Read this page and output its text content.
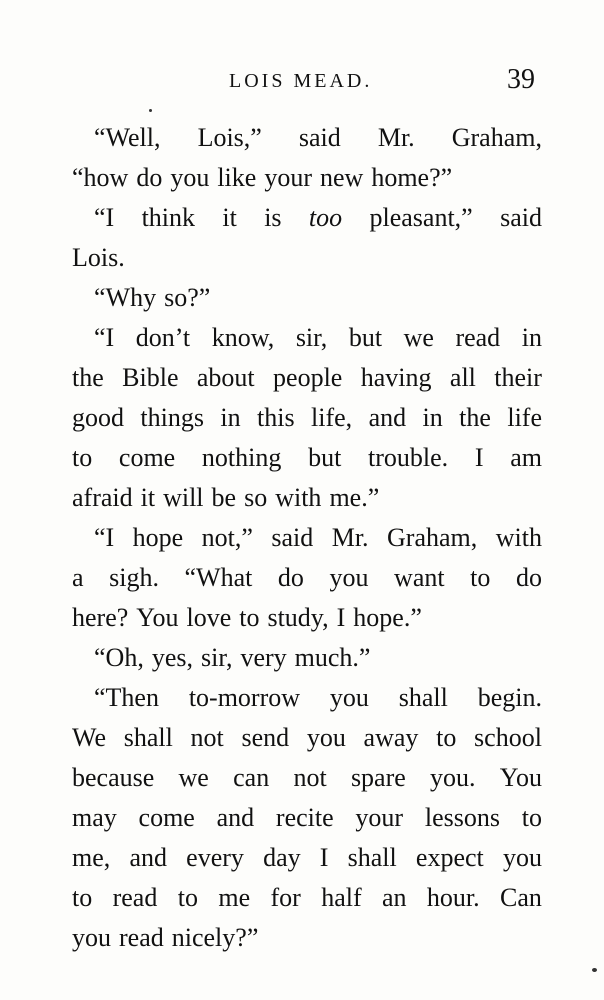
LOIS MEAD.	39
“Well, Lois,” said Mr. Graham,
“how do you like your new home?”
“I think it is too pleasant,” said
Lois.
“Why so?”
“I don’t know, sir, but we read in
the Bible about people having all their
good things in this life, and in the life
to come nothing but trouble. I am
afraid it will be so with me.”
“I hope not,” said Mr. Graham, with
a sigh. “What do you want to do
here? You love to study, I hope.”
“Oh, yes, sir, very much.”
“Then to-morrow you shall begin.
We shall not send you away to school
because we can not spare you. You
may come and recite your lessons to
me, and every day I shall expect you
to read to me for half an hour. Can
you read nicely?”
